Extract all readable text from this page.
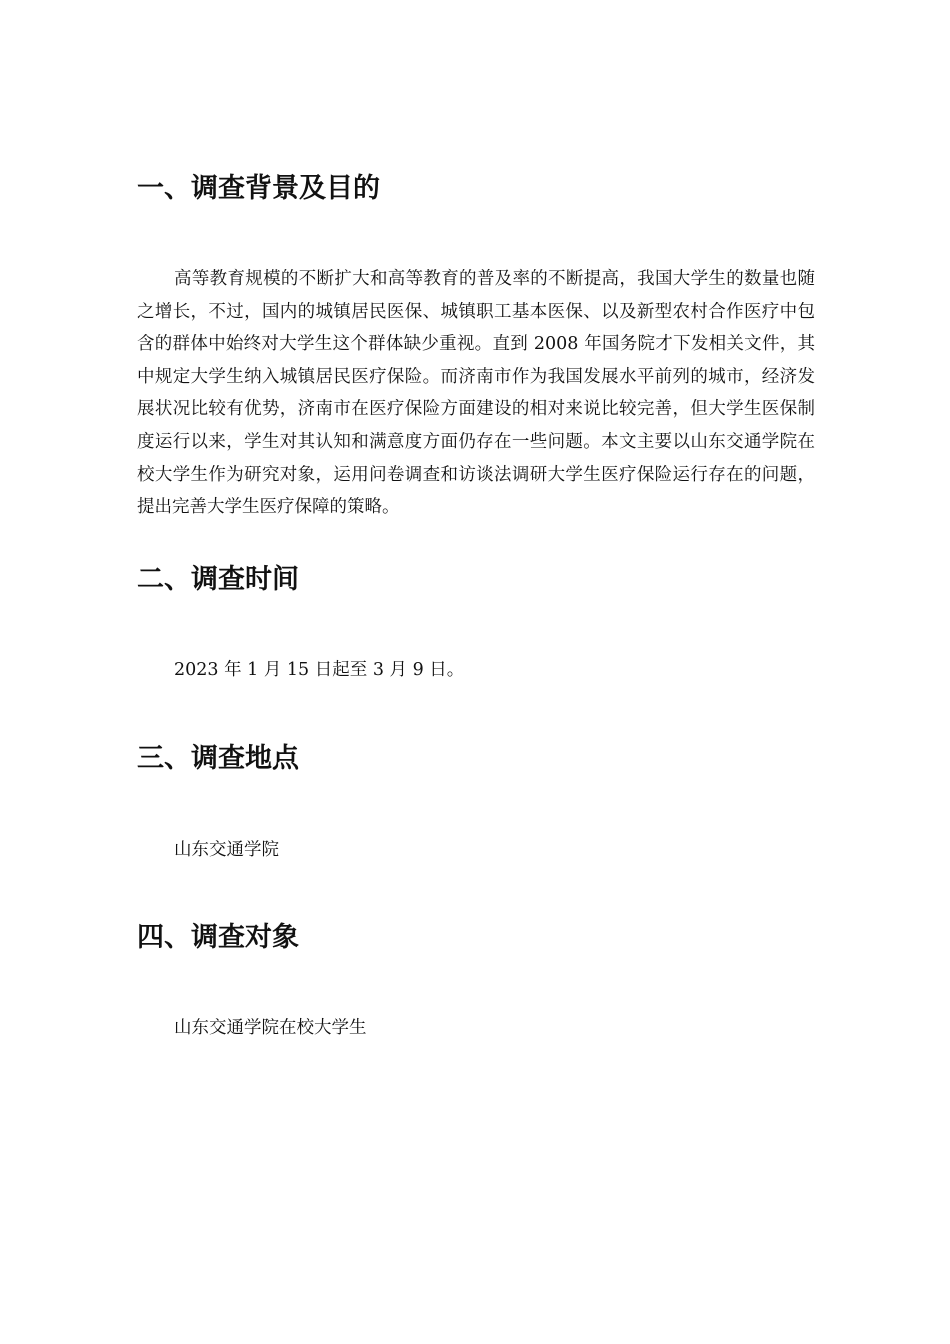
一、调查背景及目的

高等教育规模的不断扩大和高等教育的普及率的不断提高，我国大学生的数量也随之增长，不过，国内的城镇居民医保、城镇职工基本医保、以及新型农村合作医疗中包含的群体中始终对大学生这个群体缺少重视。直到 2008 年国务院才下发相关文件，其中规定大学生纳入城镇居民医疗保险。而济南市作为我国发展水平前列的城市，经济发展状况比较有优势，济南市在医疗保险方面建设的相对来说比较完善，但大学生医保制度运行以来，学生对其认知和满意度方面仍存在一些问题。本文主要以山东交通学院在校大学生作为研究对象，运用问卷调查和访谈法调研大学生医疗保险运行存在的问题，提出完善大学生医疗保障的策略。

二、调查时间

2023 年 1 月 15 日起至 3 月 9 日。

三、调查地点

山东交通学院

四、调查对象

山东交通学院在校大学生
